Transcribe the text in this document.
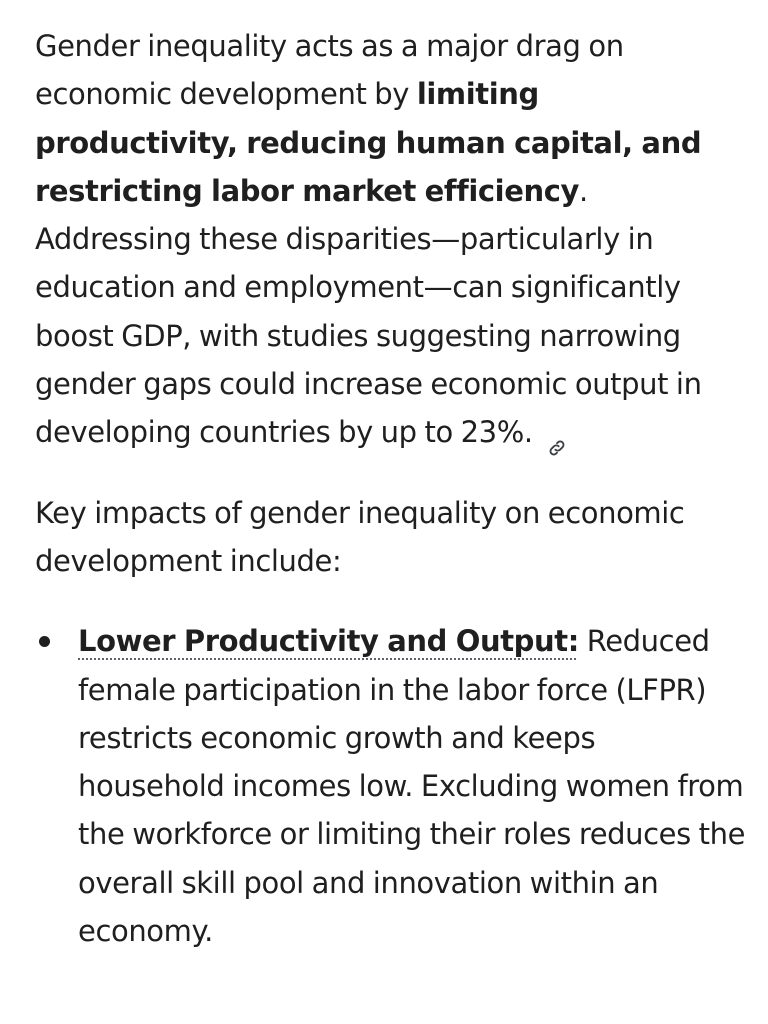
Gender inequality acts as a major drag on economic development by limiting productivity, reducing human capital, and restricting labor market efficiency. Addressing these disparities—particularly in education and employment—can significantly boost GDP, with studies suggesting narrowing gender gaps could increase economic output in developing countries by up to 23%.

Key impacts of gender inequality on economic development include:

Lower Productivity and Output: Reduced female participation in the labor force (LFPR) restricts economic growth and keeps household incomes low. Excluding women from the workforce or limiting their roles reduces the overall skill pool and innovation within an economy.
